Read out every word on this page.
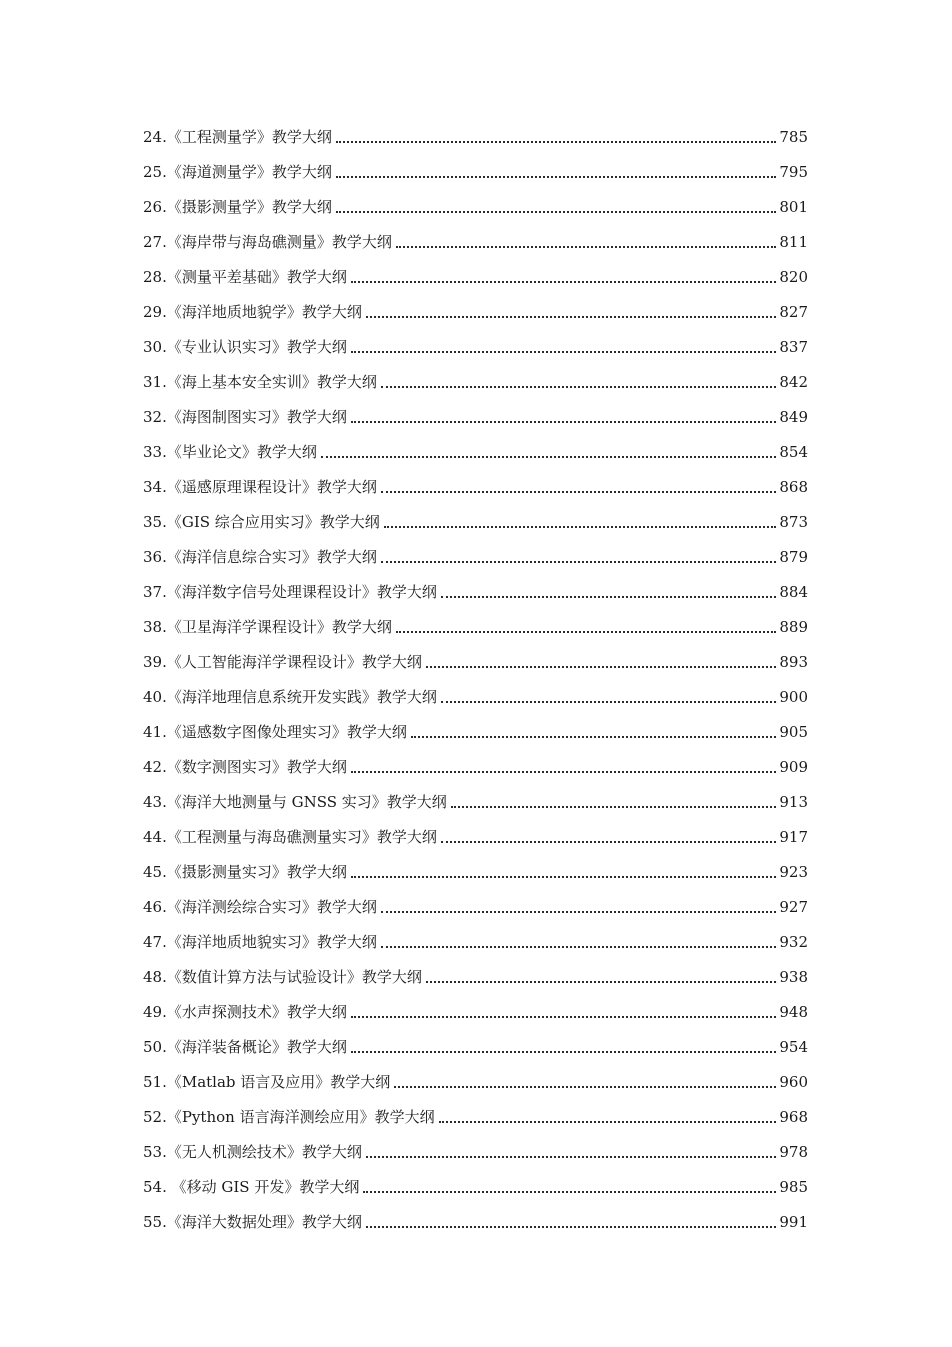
24.《工程测量学》教学大纲	785
25.《海道测量学》教学大纲	795
26.《摄影测量学》教学大纲	801
27.《海岸带与海岛礁测量》教学大纲	811
28.《测量平差基础》教学大纲	820
29.《海洋地质地貌学》教学大纲	827
30.《专业认识实习》教学大纲	837
31.《海上基本安全实训》教学大纲	842
32.《海图制图实习》教学大纲	849
33.《毕业论文》教学大纲	854
34.《遥感原理课程设计》教学大纲	868
35.《GIS 综合应用实习》教学大纲	873
36.《海洋信息综合实习》教学大纲	879
37.《海洋数字信号处理课程设计》教学大纲	884
38.《卫星海洋学课程设计》教学大纲	889
39.《人工智能海洋学课程设计》教学大纲	893
40.《海洋地理信息系统开发实践》教学大纲	900
41.《遥感数字图像处理实习》教学大纲	905
42.《数字测图实习》教学大纲	909
43.《海洋大地测量与 GNSS 实习》教学大纲	913
44.《工程测量与海岛礁测量实习》教学大纲	917
45.《摄影测量实习》教学大纲	923
46.《海洋测绘综合实习》教学大纲	927
47.《海洋地质地貌实习》教学大纲	932
48.《数值计算方法与试验设计》教学大纲	938
49.《水声探测技术》教学大纲	948
50.《海洋装备概论》教学大纲	954
51.《Matlab 语言及应用》教学大纲	960
52.《Python 语言海洋测绘应用》教学大纲	968
53.《无人机测绘技术》教学大纲	978
54. 《移动 GIS 开发》教学大纲	985
55.《海洋大数据处理》教学大纲	991
